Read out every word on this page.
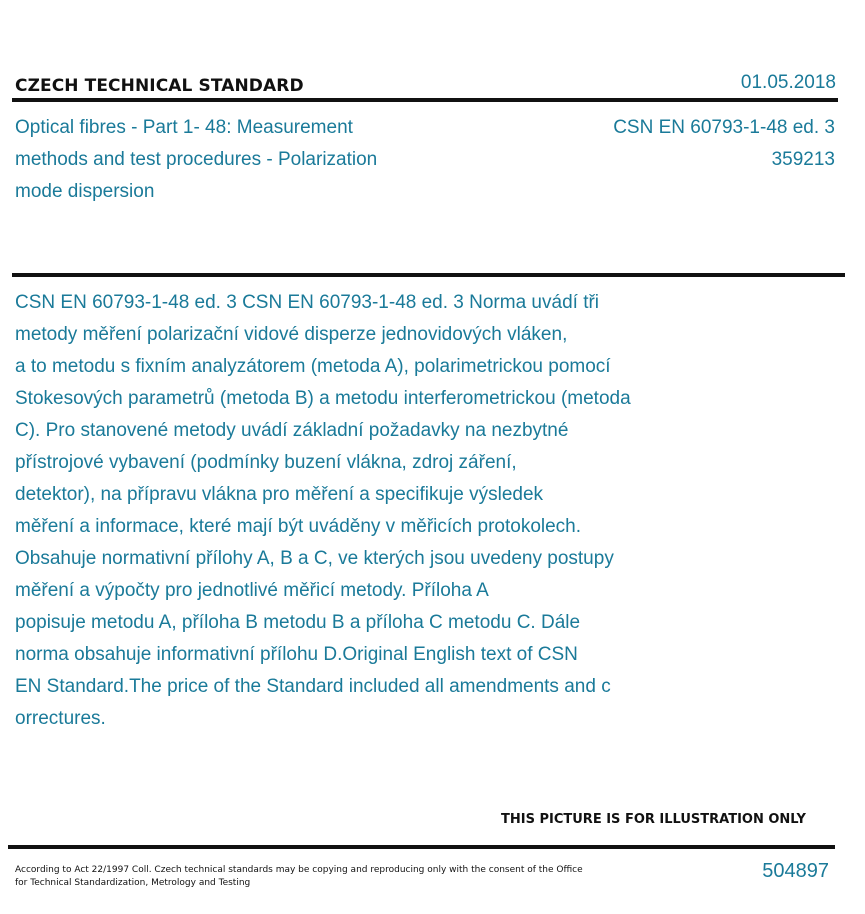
CZECH TECHNICAL STANDARD	01.05.2018
Optical fibres - Part 1- 48: Measurement
methods and test procedures - Polarization
mode dispersion
CSN EN 60793-1-48 ed. 3
359213
CSN EN 60793-1-48 ed. 3 CSN EN 60793-1-48 ed. 3 Norma uvádí tři
metody měření polarizační vidové disperze jednovidových vláken,
a to metodu s fixním analyzátorem (metoda A), polarimetrickou pomocí
Stokesových parametrů (metoda B) a metodu interferometrickou (metoda
C). Pro stanovené metody uvádí základní požadavky na nezbytné
přístrojové vybavení (podmínky buzení vlákna, zdroj záření,
detektor), na přípravu vlákna pro měření a specifikuje výsledek
měření a informace, které mají být uváděny v měřicích protokolech.
Obsahuje normativní přílohy A, B a C, ve kterých jsou uvedeny postupy
měření a výpočty pro jednotlivé měřicí metody. Příloha A
popisuje metodu A, příloha B metodu B a příloha C metodu C. Dále
norma obsahuje informativní přílohu D.Original English text of CSN
EN Standard.The price of the Standard included all amendments and c
orrectures.
THIS PICTURE IS FOR ILLUSTRATION ONLY
According to Act 22/1997 Coll. Czech technical standards may be copying and reproducing only with the consent of the Office
for Technical Standardization, Metrology and Testing
504897
